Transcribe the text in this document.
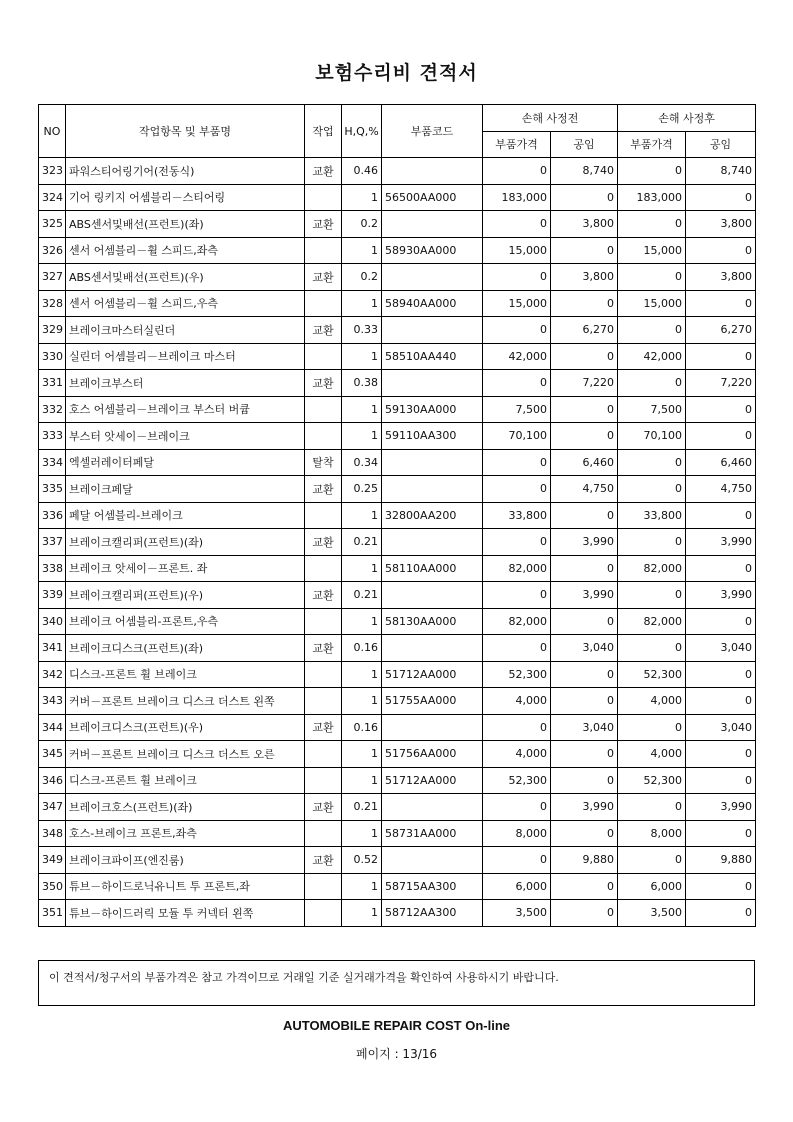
보험수리비 견적서
NO	작업항목 및 부품명	작업	H,Q,%	부품코드	손해 사정전		손해 사정후	
					부품가격	공임	부품가격	공임
323	파워스티어링기어(전동식)	교환	0.46		0	8,740	0	8,740
324	기어 링키지 어셈블리－스티어링		1	56500AA000	183,000	0	183,000	0
325	ABS센서및배선(프런트)(좌)	교환	0.2		0	3,800	0	3,800
326	센서 어셈블리－휠 스피드,좌측		1	58930AA000	15,000	0	15,000	0
327	ABS센서및배선(프런트)(우)	교환	0.2		0	3,800	0	3,800
328	센서 어셈블리－휠 스피드,우측		1	58940AA000	15,000	0	15,000	0
329	브레이크마스터실린더	교환	0.33		0	6,270	0	6,270
330	실린더 어셈블리－브레이크 마스터		1	58510AA440	42,000	0	42,000	0
331	브레이크부스터	교환	0.38		0	7,220	0	7,220
332	호스 어셈블리－브레이크 부스터 버큠		1	59130AA000	7,500	0	7,500	0
333	부스터 앗세이－브레이크		1	59110AA300	70,100	0	70,100	0
334	엑셀러레이터페달	탈착	0.34		0	6,460	0	6,460
335	브레이크페달	교환	0.25		0	4,750	0	4,750
336	페달 어셈블리-브레이크		1	32800AA200	33,800	0	33,800	0
337	브레이크캘리퍼(프런트)(좌)	교환	0.21		0	3,990	0	3,990
338	브레이크 앗세이－프론트. 좌		1	58110AA000	82,000	0	82,000	0
339	브레이크캘리퍼(프런트)(우)	교환	0.21		0	3,990	0	3,990
340	브레이크 어셈블리-프론트,우측		1	58130AA000	82,000	0	82,000	0
341	브레이크디스크(프런트)(좌)	교환	0.16		0	3,040	0	3,040
342	디스크-프론트 휠 브레이크		1	51712AA000	52,300	0	52,300	0
343	커버－프론트 브레이크 디스크 더스트 왼쪽		1	51755AA000	4,000	0	4,000	0
344	브레이크디스크(프런트)(우)	교환	0.16		0	3,040	0	3,040
345	커버－프론트 브레이크 디스크 더스트 오른		1	51756AA000	4,000	0	4,000	0
346	디스크-프론트 휠 브레이크		1	51712AA000	52,300	0	52,300	0
347	브레이크호스(프런트)(좌)	교환	0.21		0	3,990	0	3,990
348	호스-브레이크 프론트,좌측		1	58731AA000	8,000	0	8,000	0
349	브레이크파이프(엔진룸)	교환	0.52		0	9,880	0	9,880
350	튜브－하이드로닉유니트 투 프론트,좌		1	58715AA300	6,000	0	6,000	0
351	튜브－하이드러릭 모듈 투 커넥터 왼쪽		1	58712AA300	3,500	0	3,500	0
이 견적서/청구서의 부품가격은 참고 가격이므로 거래일 기준 실거래가격을 확인하여 사용하시기 바랍니다.
AUTOMOBILE REPAIR COST On-line
페이지 : 13/16
